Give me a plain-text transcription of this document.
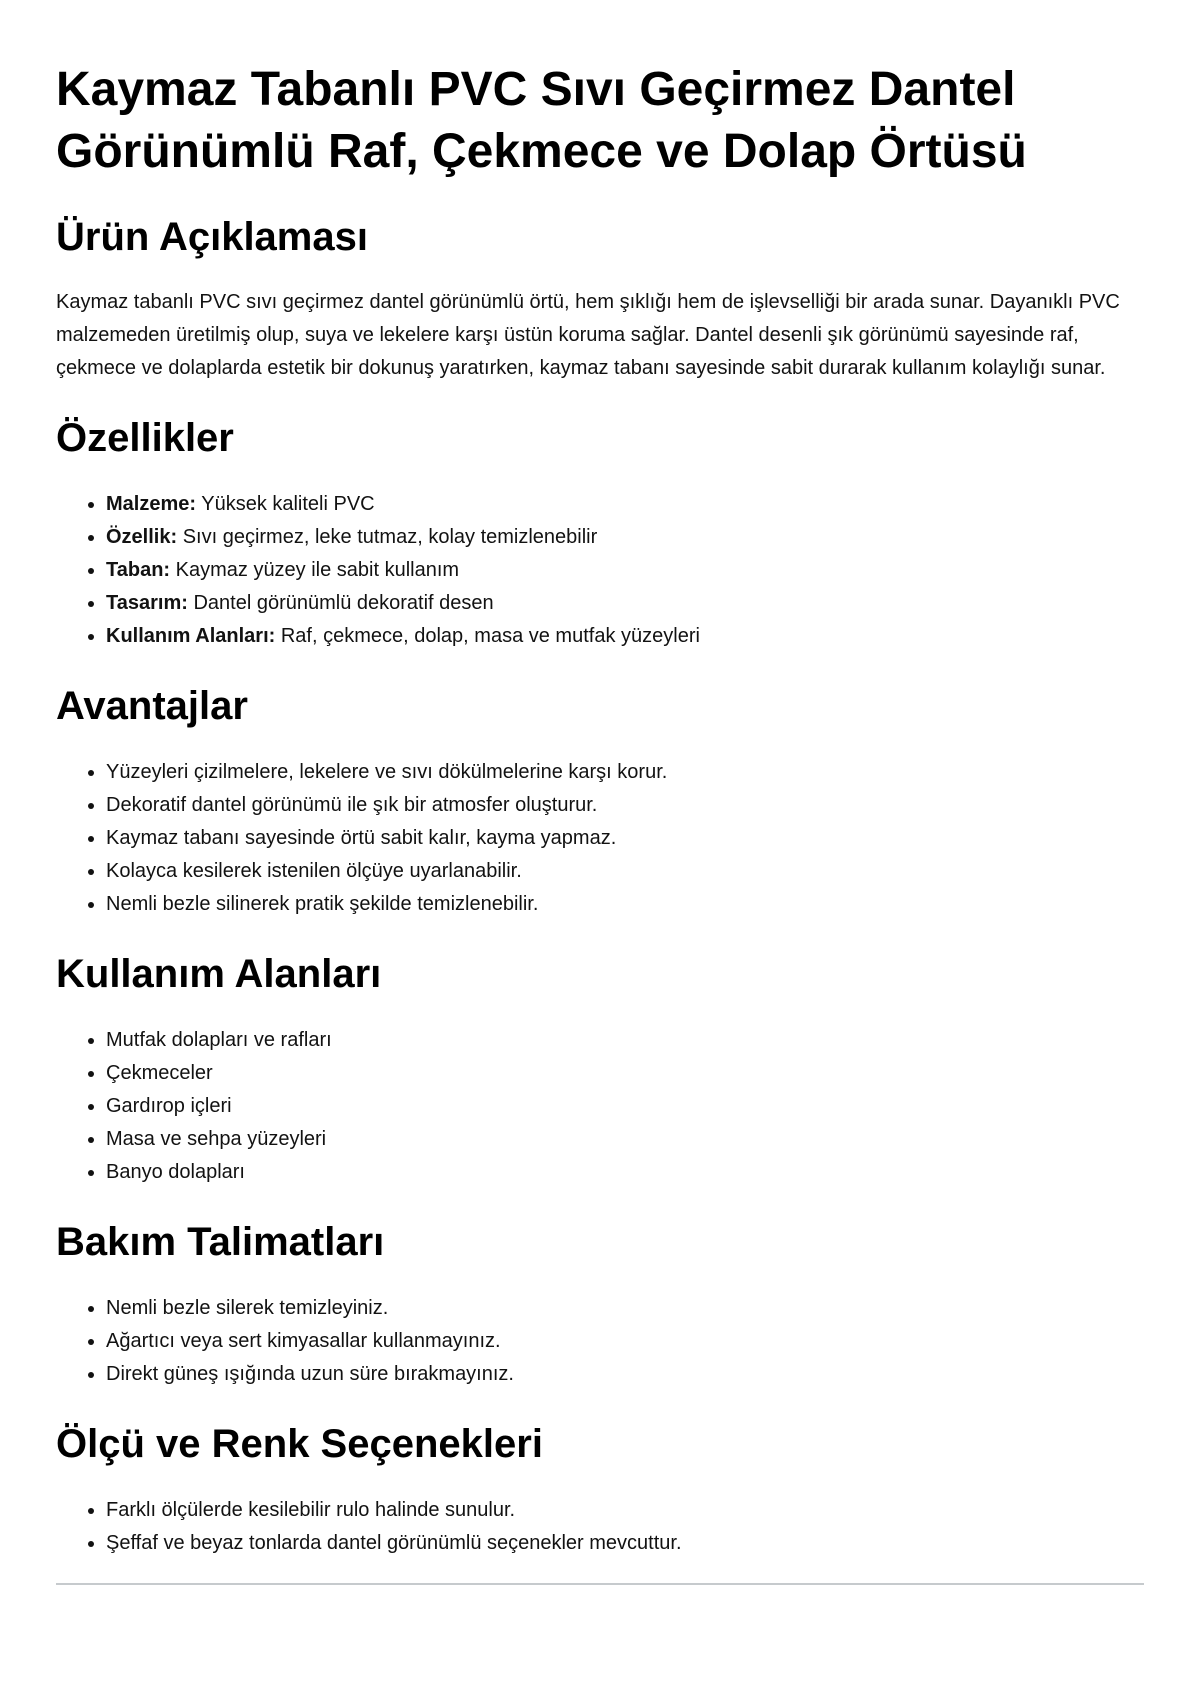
Kaymaz Tabanlı PVC Sıvı Geçirmez Dantel Görünümlü Raf, Çekmece ve Dolap Örtüsü
Ürün Açıklaması

Kaymaz tabanlı PVC sıvı geçirmez dantel görünümlü örtü, hem şıklığı hem de işlevselliği bir arada sunar. Dayanıklı PVC malzemeden üretilmiş olup, suya ve lekelere karşı üstün koruma sağlar. Dantel desenli şık görünümü sayesinde raf, çekmece ve dolaplarda estetik bir dokunuş yaratırken, kaymaz tabanı sayesinde sabit durarak kullanım kolaylığı sunar.

Özellikler
• Malzeme: Yüksek kaliteli PVC
• Özellik: Sıvı geçirmez, leke tutmaz, kolay temizlenebilir
• Taban: Kaymaz yüzey ile sabit kullanım
• Tasarım: Dantel görünümlü dekoratif desen
• Kullanım Alanları: Raf, çekmece, dolap, masa ve mutfak yüzeyleri
Avantajlar
• Yüzeyleri çizilmelere, lekelere ve sıvı dökülmelerine karşı korur.
• Dekoratif dantel görünümü ile şık bir atmosfer oluşturur.
• Kaymaz tabanı sayesinde örtü sabit kalır, kayma yapmaz.
• Kolayca kesilerek istenilen ölçüye uyarlanabilir.
• Nemli bezle silinerek pratik şekilde temizlenebilir.
Kullanım Alanları
• Mutfak dolapları ve rafları
• Çekmeceler
• Gardırop içleri
• Masa ve sehpa yüzeyleri
• Banyo dolapları
Bakım Talimatları
• Nemli bezle silerek temizleyiniz.
• Ağartıcı veya sert kimyasallar kullanmayınız.
• Direkt güneş ışığında uzun süre bırakmayınız.
Ölçü ve Renk Seçenekleri
• Farklı ölçülerde kesilebilir rulo halinde sunulur.
• Şeffaf ve beyaz tonlarda dantel görünümlü seçenekler mevcuttur.
